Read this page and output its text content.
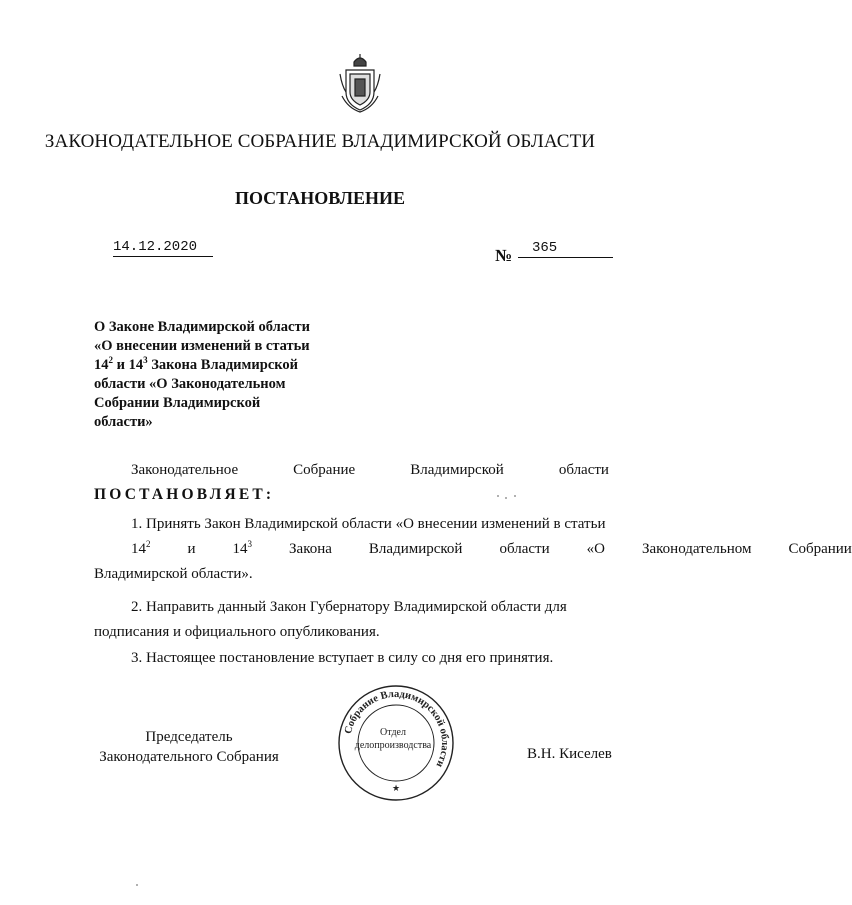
ЗАКОНОДАТЕЛЬНОЕ СОБРАНИЕ ВЛАДИМИРСКОЙ ОБЛАСТИ
ПОСТАНОВЛЕНИЕ
14.12.2020	№	365
О Законе Владимирской области
«О внесении изменений в статьи
$14^2$ и $14^3$ Закона Владимирской
области «О Законодательном
Собрании Владимирской
области»
Законодательное	Собрание	Владимирской	области
ПОСТАНОВЛЯЕТ:
1. Принять Закон Владимирской области «О внесении изменений в статьи
$14^2$	и	$14^3$	Закона	Владимирской	области	«О	Законодательном	Собрании
Владимирской области».
2. Направить данный Закон Губернатору Владимирской области для
подписания и официального опубликования.
3. Настоящее постановление вступает в силу со дня его принятия.
Председатель
Законодательного Собрания
Собрание Владимирской области
★
Отдел
делопроизводства
В.Н. Киселев
